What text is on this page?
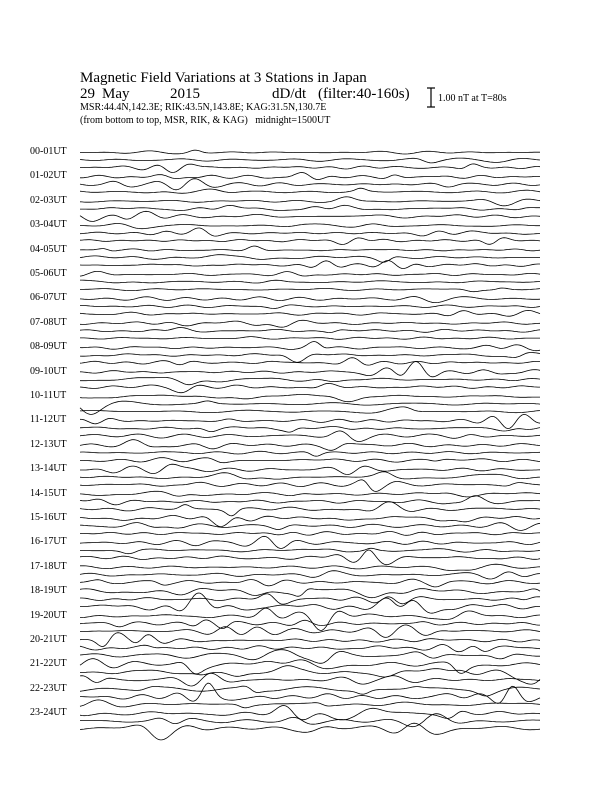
Magnetic Field Variations at 3 Stations in Japan
29 May	2015	dD/dt (filter:40-160s)
MSR:44.4N,142.3E; RIK:43.5N,143.8E; KAG:31.5N,130.7E
(from bottom to top, MSR, RIK, & KAG) midnight=1500UT
1.00 nT at T=80s
00-01UT
01-02UT
02-03UT
03-04UT
04-05UT
05-06UT
06-07UT
07-08UT
08-09UT
09-10UT
10-11UT
11-12UT
12-13UT
13-14UT
14-15UT
15-16UT
16-17UT
17-18UT
18-19UT
19-20UT
20-21UT
21-22UT
22-23UT
23-24UT
